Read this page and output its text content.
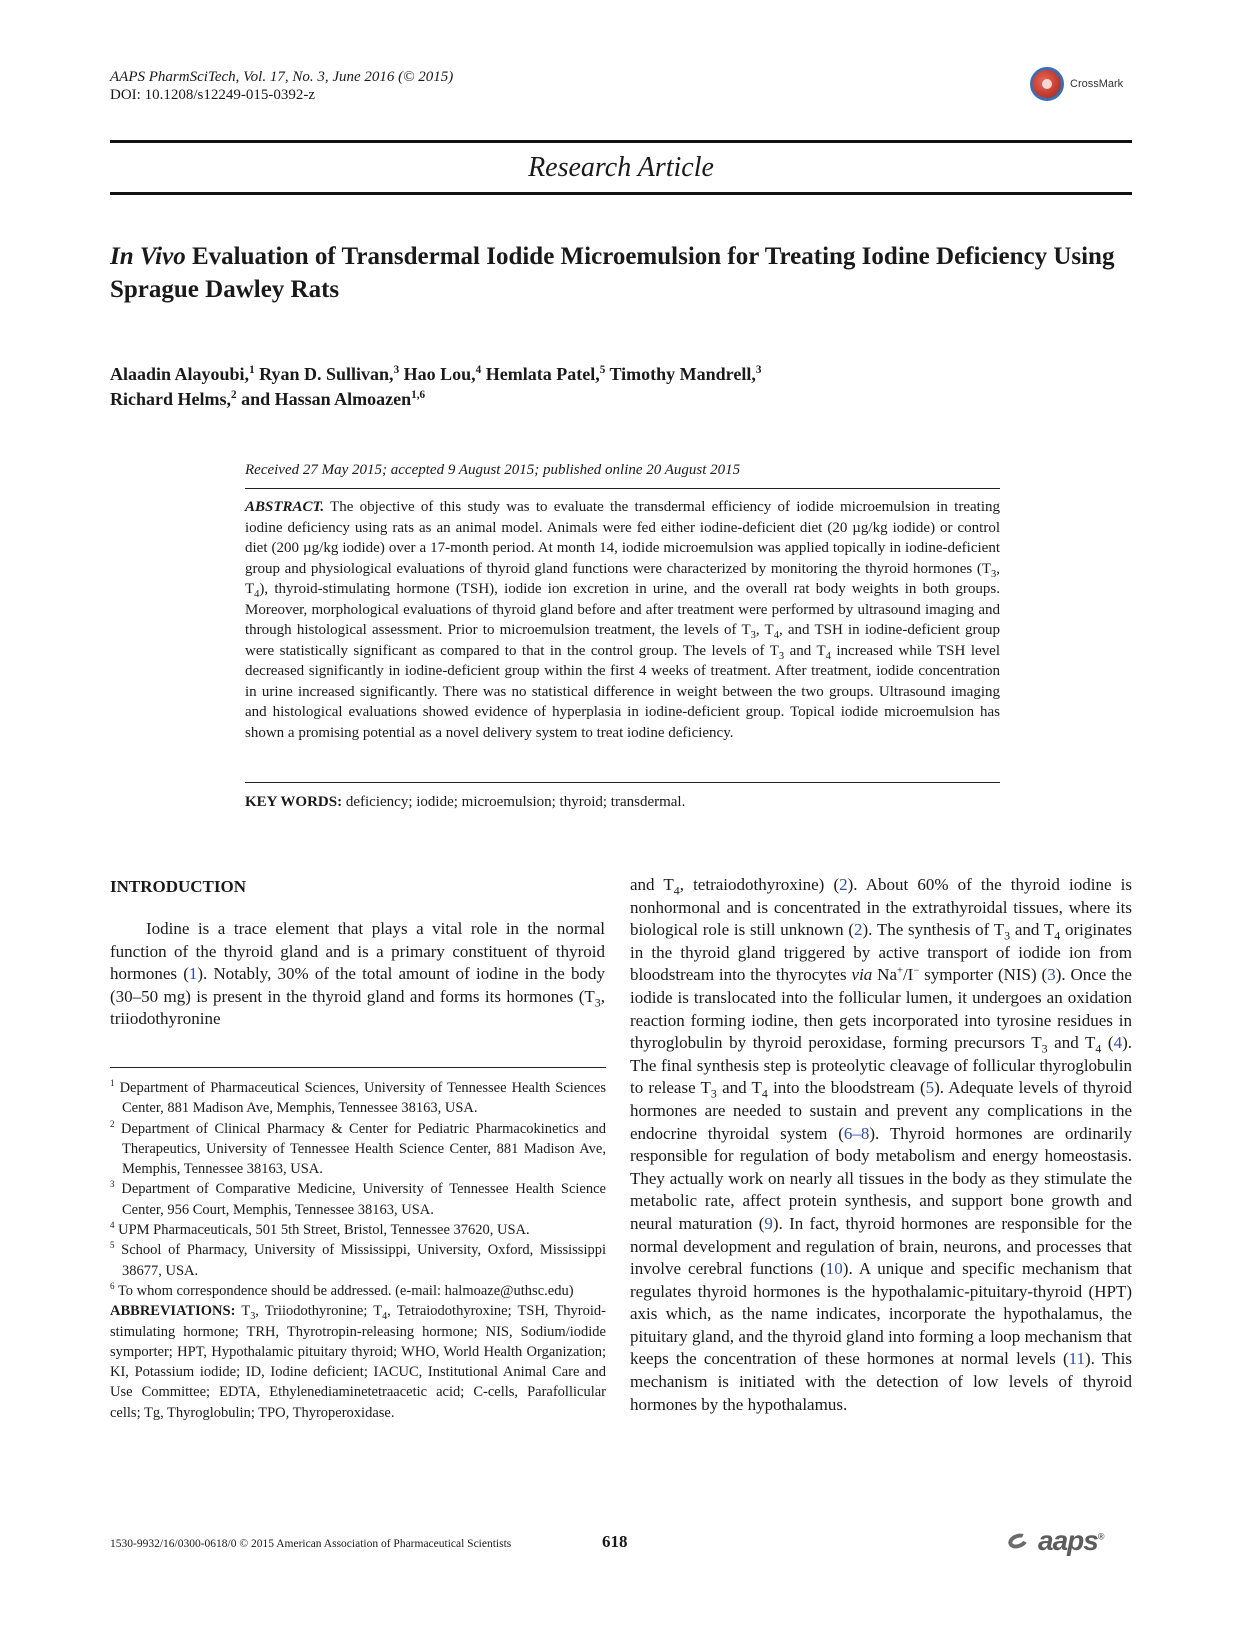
AAPS PharmSciTech, Vol. 17, No. 3, June 2016 (© 2015)
DOI: 10.1208/s12249-015-0392-z
CrossMark
Research Article
In Vivo Evaluation of Transdermal Iodide Microemulsion for Treating Iodine Deficiency Using Sprague Dawley Rats
Alaadin Alayoubi,$^1$ Ryan D. Sullivan,$^3$ Hao Lou,$^4$ Hemlata Patel,$^5$ Timothy Mandrell,$^3$
Richard Helms,$^2$ and Hassan Almoazen$^{1,6}$
Received 27 May 2015; accepted 9 August 2015; published online 20 August 2015
ABSTRACT. The objective of this study was to evaluate the transdermal efficiency of iodide microemulsion in treating iodine deficiency using rats as an animal model. Animals were fed either iodine-deficient diet (20 µg/kg iodide) or control diet (200 µg/kg iodide) over a 17-month period. At month 14, iodide microemulsion was applied topically in iodine-deficient group and physiological evaluations of thyroid gland functions were characterized by monitoring the thyroid hormones ($T_3$, $T_4$), thyroid-stimulating hormone (TSH), iodide ion excretion in urine, and the overall rat body weights in both groups. Moreover, morphological evaluations of thyroid gland before and after treatment were performed by ultrasound imaging and through histological assessment. Prior to microemulsion treatment, the levels of $T_3$, $T_4$, and TSH in iodine-deficient group were statistically significant as compared to that in the control group. The levels of $T_3$ and $T_4$ increased while TSH level decreased significantly in iodine-deficient group within the first 4 weeks of treatment. After treatment, iodide concentration in urine increased significantly. There was no statistical difference in weight between the two groups. Ultrasound imaging and histological evaluations showed evidence of hyperplasia in iodine-deficient group. Topical iodide microemulsion has shown a promising potential as a novel delivery system to treat iodine deficiency.
KEY WORDS: deficiency; iodide; microemulsion; thyroid; transdermal.
INTRODUCTION

Iodine is a trace element that plays a vital role in the normal function of the thyroid gland and is a primary constituent of thyroid hormones (1). Notably, 30% of the total amount of iodine in the body (30–50 mg) is present in the thyroid gland and forms its hormones ($T_3$, triiodothyronine

$^1$ Department of Pharmaceutical Sciences, University of Tennessee Health Sciences Center, 881 Madison Ave, Memphis, Tennessee 38163, USA.
$^2$ Department of Clinical Pharmacy & Center for Pediatric Pharmacokinetics and Therapeutics, University of Tennessee Health Science Center, 881 Madison Ave, Memphis, Tennessee 38163, USA.
$^3$ Department of Comparative Medicine, University of Tennessee Health Science Center, 956 Court, Memphis, Tennessee 38163, USA.
$^4$ UPM Pharmaceuticals, 501 5th Street, Bristol, Tennessee 37620, USA.
$^5$ School of Pharmacy, University of Mississippi, University, Oxford, Mississippi 38677, USA.
$^6$ To whom correspondence should be addressed. (e-mail: halmoaze@uthsc.edu)
ABBREVIATIONS: $T_3$, Triiodothyronine; $T_4$, Tetraiodothyroxine; TSH, Thyroid-stimulating hormone; TRH, Thyrotropin-releasing hormone; NIS, Sodium/iodide symporter; HPT, Hypothalamic pituitary thyroid; WHO, World Health Organization; KI, Potassium iodide; ID, Iodine deficient; IACUC, Institutional Animal Care and Use Committee; EDTA, Ethylenediaminetetraacetic acid; C-cells, Parafollicular cells; Tg, Thyroglobulin; TPO, Thyroperoxidase.

and $T_4$, tetraiodothyroxine) (2). About 60% of the thyroid iodine is nonhormonal and is concentrated in the extrathyroidal tissues, where its biological role is still unknown (2). The synthesis of $T_3$ and $T_4$ originates in the thyroid gland triggered by active transport of iodide ion from bloodstream into the thyrocytes via Na+/I− symporter (NIS) (3). Once the iodide is translocated into the follicular lumen, it undergoes an oxidation reaction forming iodine, then gets incorporated into tyrosine residues in thyroglobulin by thyroid peroxidase, forming precursors $T_3$ and $T_4$ (4). The final synthesis step is proteolytic cleavage of follicular thyroglobulin to release $T_3$ and $T_4$ into the bloodstream (5). Adequate levels of thyroid hormones are needed to sustain and prevent any complications in the endocrine thyroidal system (6–8). Thyroid hormones are ordinarily responsible for regulation of body metabolism and energy homeostasis. They actually work on nearly all tissues in the body as they stimulate the metabolic rate, affect protein synthesis, and support bone growth and neural maturation (9). In fact, thyroid hormones are responsible for the normal development and regulation of brain, neurons, and processes that involve cerebral functions (10). A unique and specific mechanism that regulates thyroid hormones is the hypothalamic-pituitary-thyroid (HPT) axis which, as the name indicates, incorporate the hypothalamus, the pituitary gland, and the thyroid gland into forming a loop mechanism that keeps the concentration of these hormones at normal levels (11). This mechanism is initiated with the detection of low levels of thyroid hormones by the hypothalamus.

1530-9932/16/0300-0618/0 © 2015 American Association of Pharmaceutical Scientists	618	aaps®
